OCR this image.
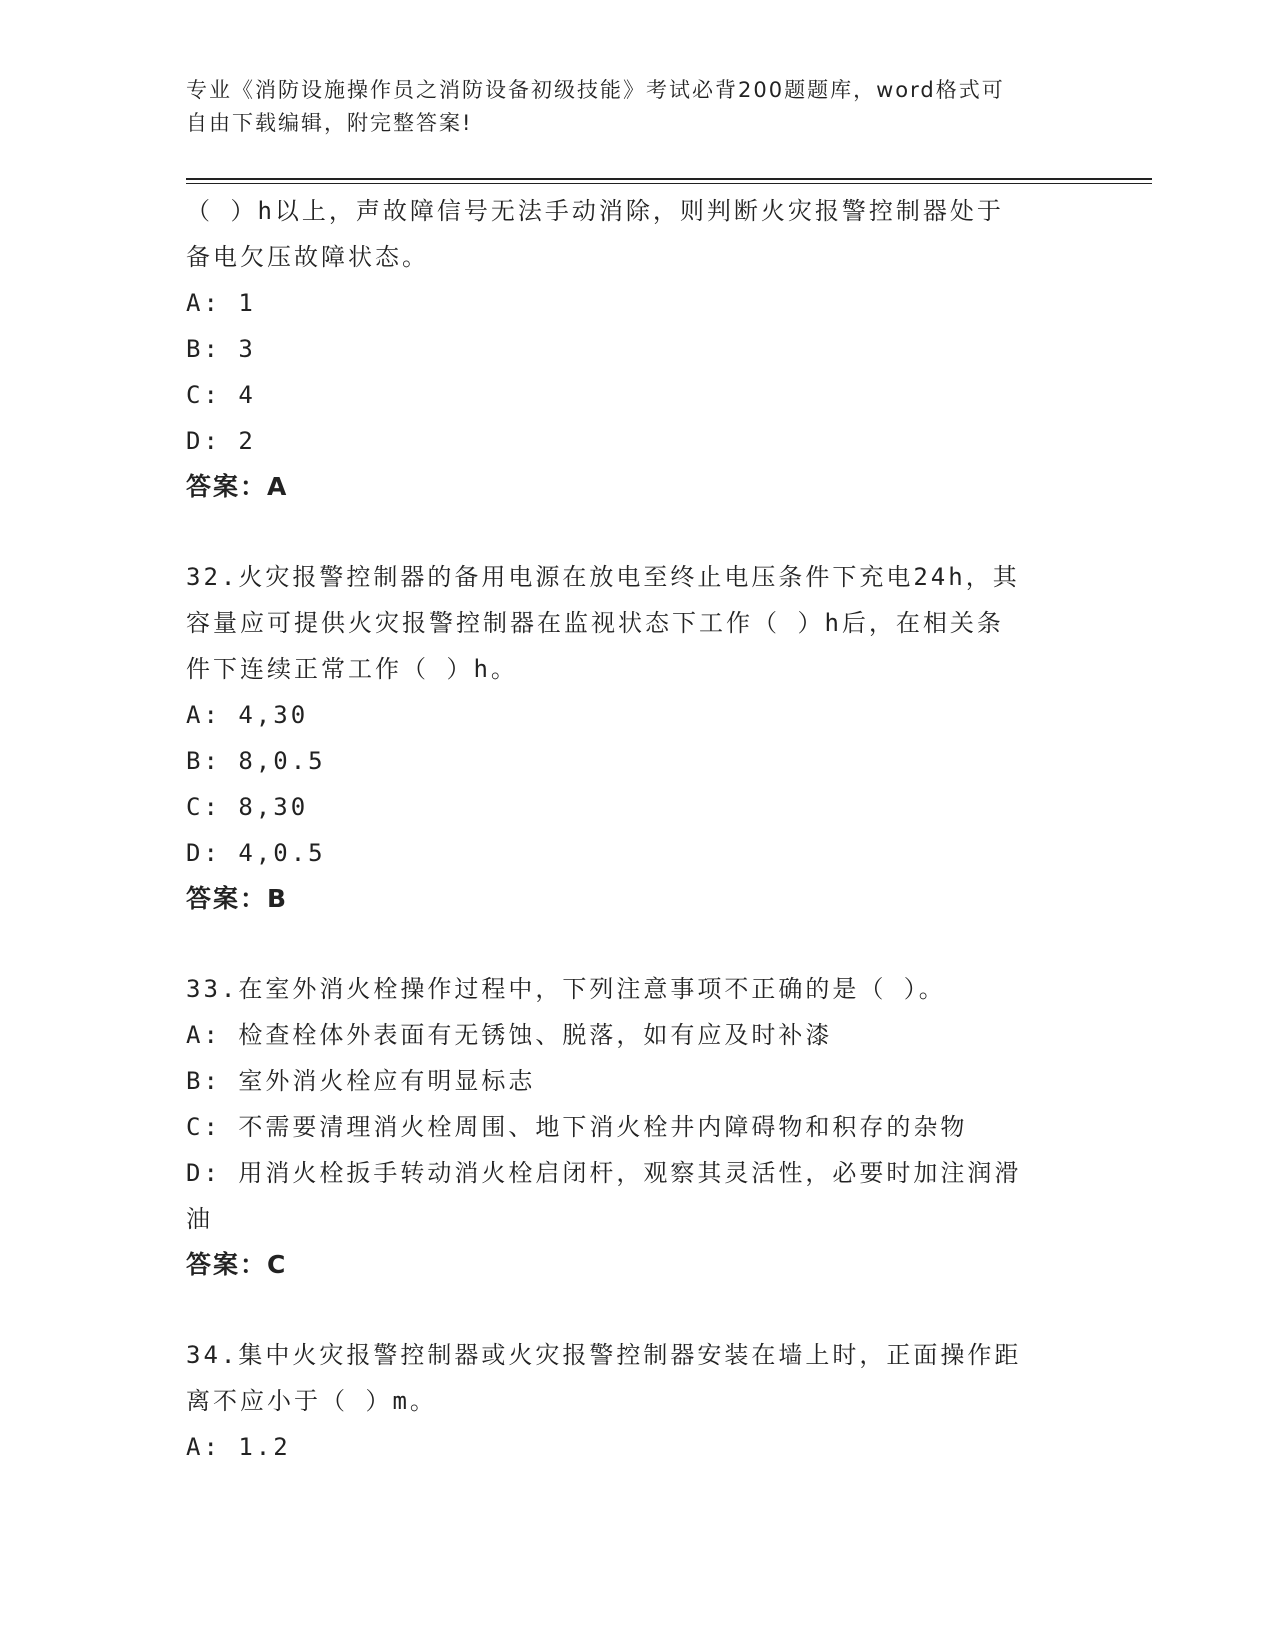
专业《消防设施操作员之消防设备初级技能》考试必背200题题库，word格式可
自由下载编辑，附完整答案!
（ ）h以上，声故障信号无法手动消除，则判断火灾报警控制器处于
备电欠压故障状态。
A: 1
B: 3
C: 4
D: 2
答案：A
32.火灾报警控制器的备用电源在放电至终止电压条件下充电24h，其
容量应可提供火灾报警控制器在监视状态下工作（ ）h后，在相关条
件下连续正常工作（ ）h。
A: 4,30
B: 8,0.5
C: 8,30
D: 4,0.5
答案：B
33.在室外消火栓操作过程中，下列注意事项不正确的是（ ）。
A: 检查栓体外表面有无锈蚀、脱落，如有应及时补漆
B: 室外消火栓应有明显标志
C: 不需要清理消火栓周围、地下消火栓井内障碍物和积存的杂物
D: 用消火栓扳手转动消火栓启闭杆，观察其灵活性，必要时加注润滑
油
答案：C
34.集中火灾报警控制器或火灾报警控制器安装在墙上时，正面操作距
离不应小于（ ）m。
A: 1.2
